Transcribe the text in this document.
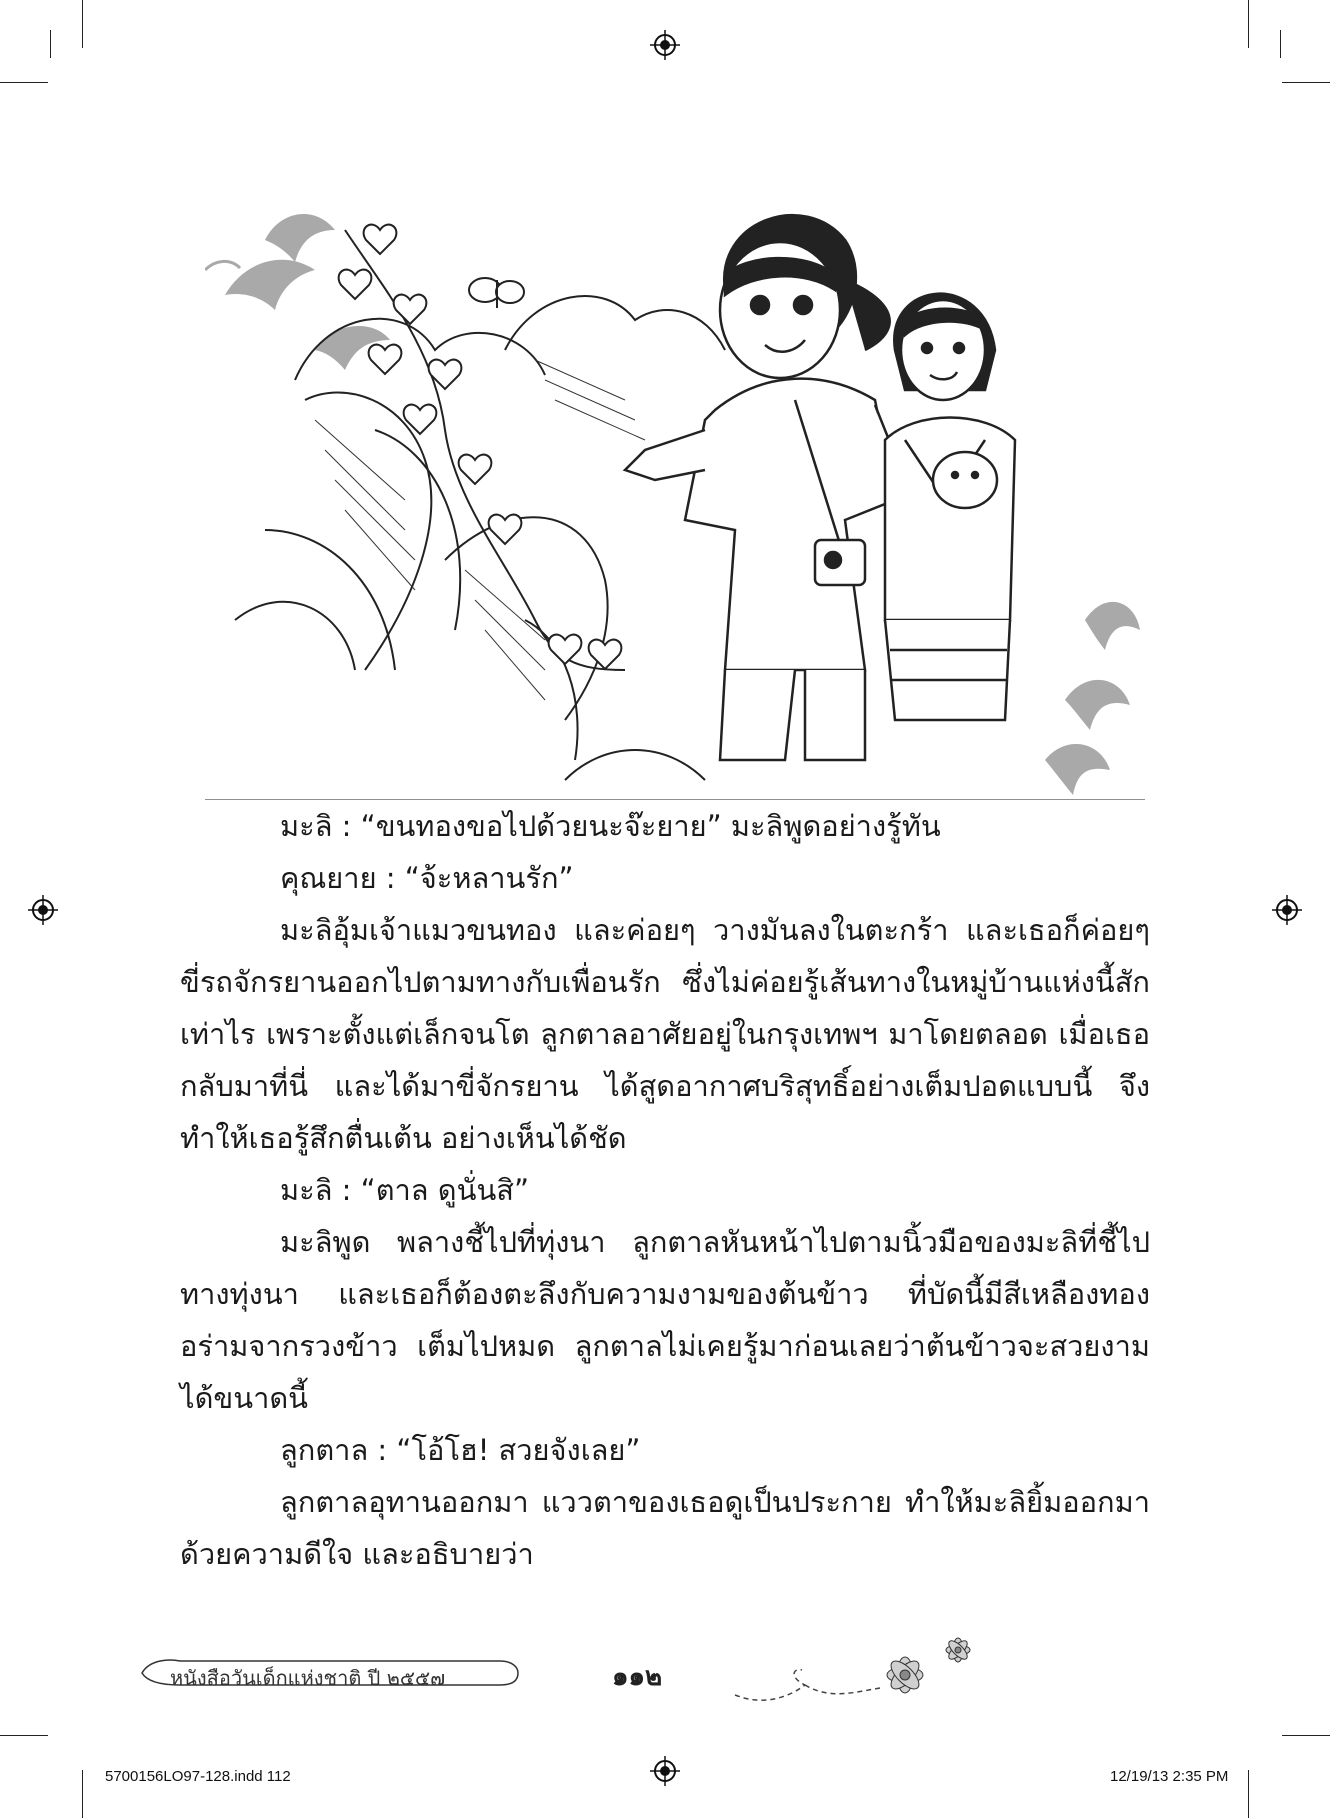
มะลิ : “ขนทองขอไปด้วยนะจ๊ะยาย” มะลิพูดอย่างรู้ทัน

คุณยาย : “จ้ะหลานรัก”

มะลิอุ้มเจ้าแมวขนทอง และค่อยๆ วางมันลงในตะกร้า และเธอก็ค่อยๆ ขี่รถจักรยานออกไปตามทางกับเพื่อนรัก ซึ่งไม่ค่อยรู้เส้นทางในหมู่บ้านแห่งนี้สักเท่าไร เพราะตั้งแต่เล็กจนโต ลูกตาลอาศัยอยู่ในกรุงเทพฯ มาโดยตลอด เมื่อเธอกลับมาที่นี่ และได้มาขี่จักรยาน ได้สูดอากาศบริสุทธิ์อย่างเต็มปอดแบบนี้ จึงทำให้เธอรู้สึกตื่นเต้น อย่างเห็นได้ชัด

มะลิ : “ตาล ดูนั่นสิ”

มะลิพูด พลางชี้ไปที่ทุ่งนา ลูกตาลหันหน้าไปตามนิ้วมือของมะลิที่ชี้ไปทางทุ่งนา และเธอก็ต้องตะลึงกับความงามของต้นข้าว ที่บัดนี้มีสีเหลืองทองอร่ามจากรวงข้าว เต็มไปหมด ลูกตาลไม่เคยรู้มาก่อนเลยว่าต้นข้าวจะสวยงามได้ขนาดนี้

ลูกตาล : “โอ้โฮ! สวยจังเลย”

ลูกตาลอุทานออกมา แววตาของเธอดูเป็นประกาย ทำให้มะลิยิ้มออกมา ด้วยความดีใจ และอธิบายว่า

หนังสือวันเด็กแห่งชาติ ปี ๒๕๕๗	๑๑๒
5700156LO97-128.indd 112	12/19/13 2:35 PM
